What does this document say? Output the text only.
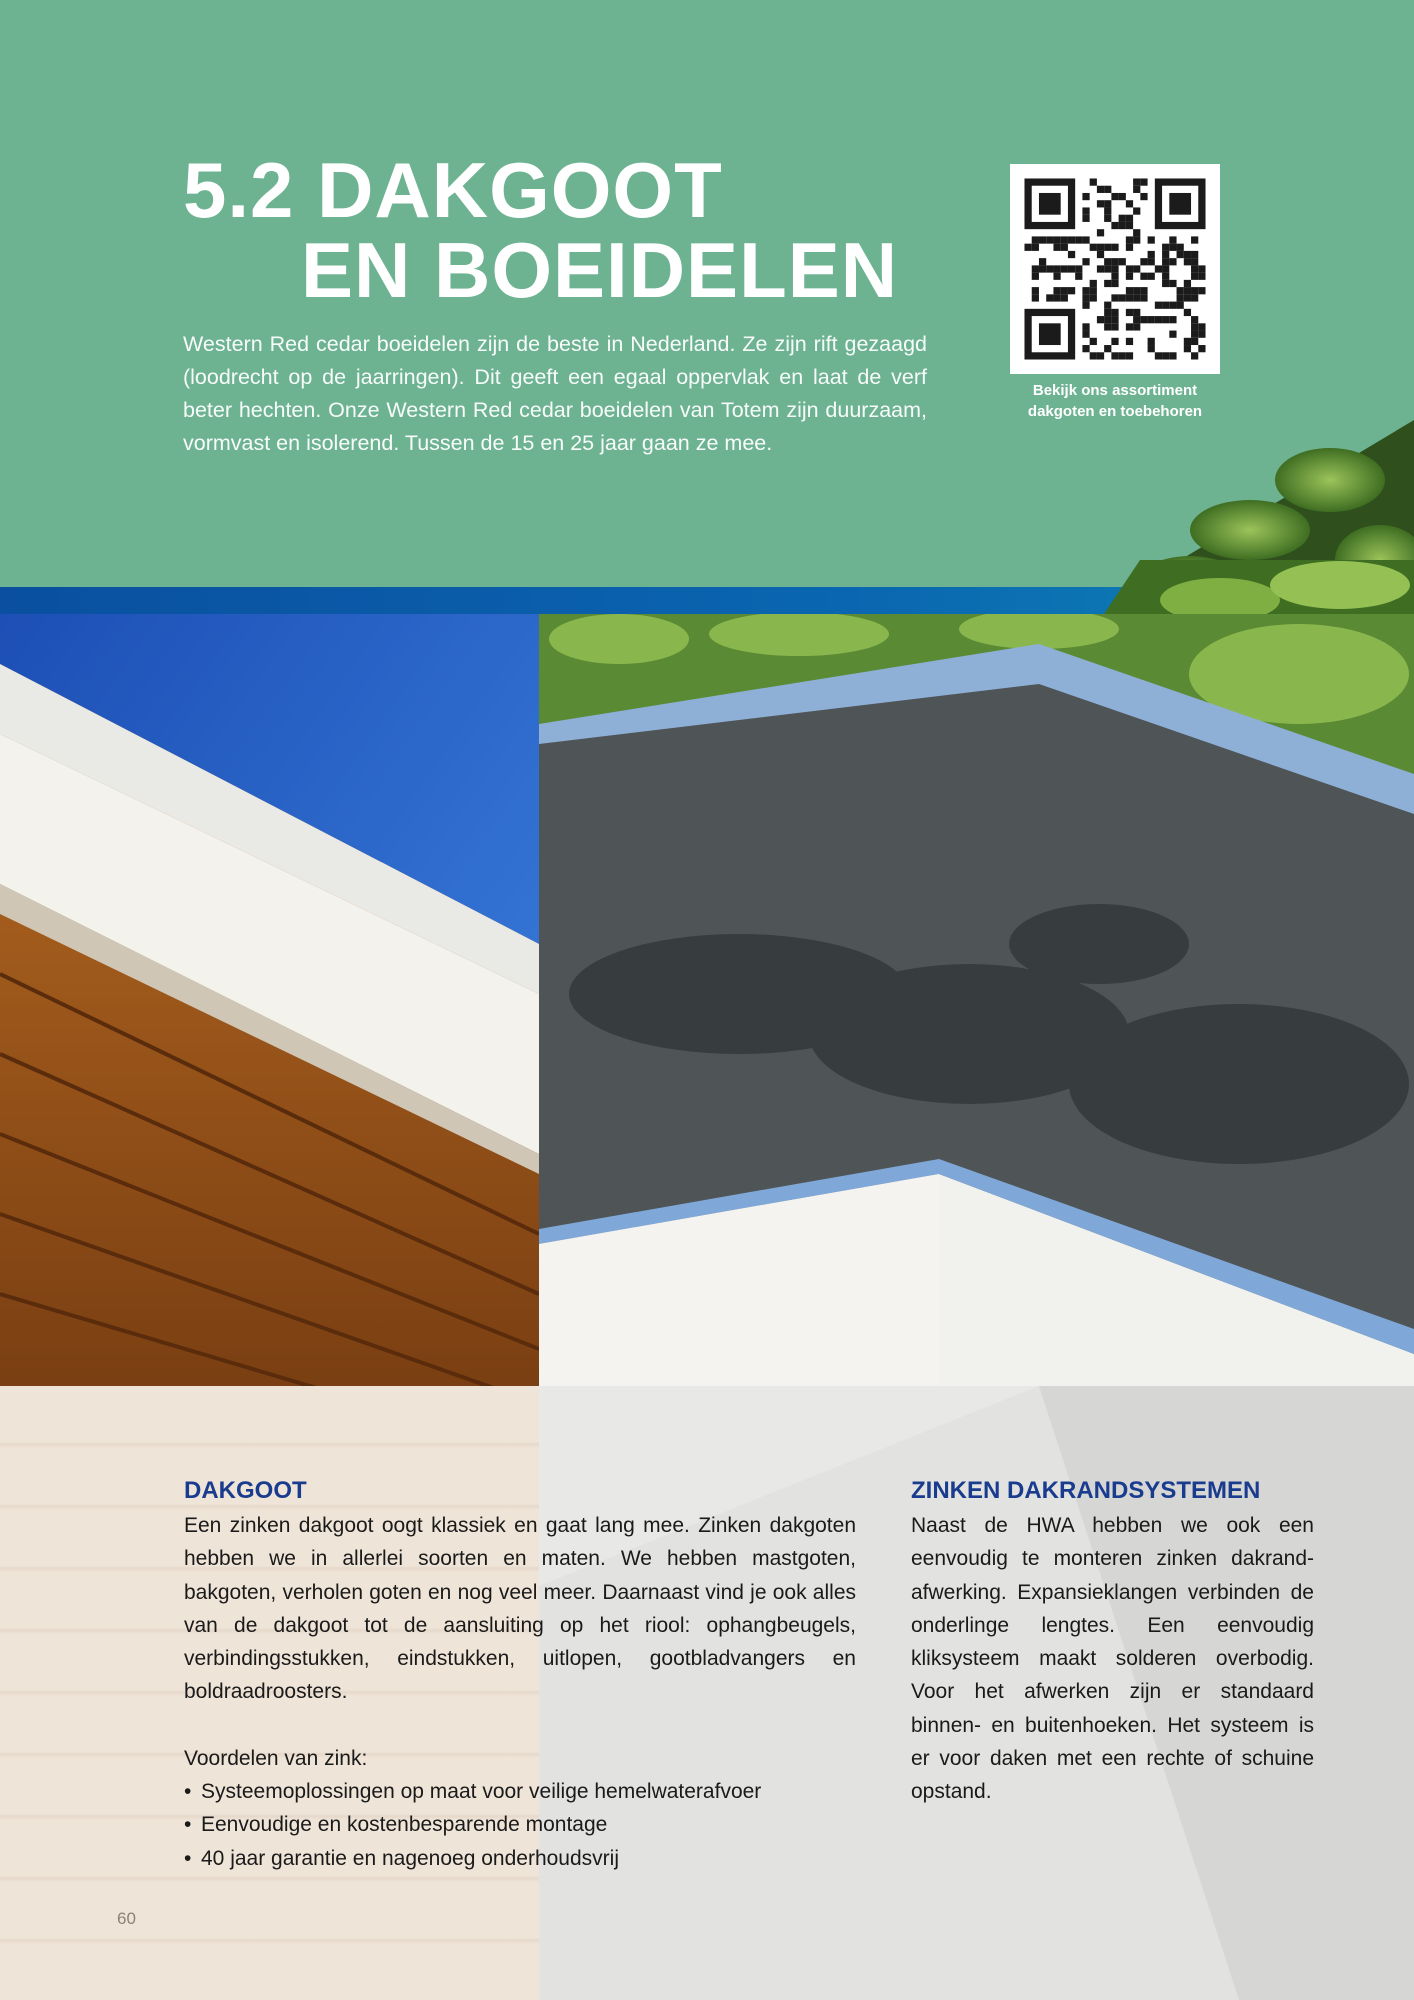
5.2 DAKGOOT
EN BOEIDELEN

Western Red cedar boeidelen zijn de beste in Nederland. Ze zijn rift gezaagd (loodrecht op de jaarringen). Dit geeft een egaal oppervlak en laat de verf beter hechten. Onze Western Red cedar boeidelen van Totem zijn duurzaam, vormvast en isolerend. Tussen de 15 en 25 jaar gaan ze mee.

Bekijk ons assortiment
dakgoten en toebehoren
DAKGOOT

Een zinken dakgoot oogt klassiek en gaat lang mee. Zinken dakgoten hebben we in allerlei soorten en maten. We hebben mastgoten, bakgoten, verholen goten en nog veel meer. Daarnaast vind je ook alles van de dakgoot tot de aansluiting op het riool: ophangbeugels, verbindingsstukken, eindstukken, uitlopen, gootbladvangers en boldraadroosters.

Voordelen van zink:

• Systeemoplossingen op maat voor veilige hemelwaterafvoer
• Eenvoudige en kostenbesparende montage
• 40 jaar garantie en nagenoeg onderhoudsvrij
ZINKEN DAKRANDSYSTEMEN

Naast de HWA hebben we ook een eenvoudig te monteren zinken dakrand-afwerking. Expansieklangen verbinden de onderlinge lengtes. Een eenvoudig kliksysteem maakt solderen overbodig. Voor het afwerken zijn er standaard binnen- en buitenhoeken. Het systeem is er voor daken met een rechte of schuine opstand.

60
